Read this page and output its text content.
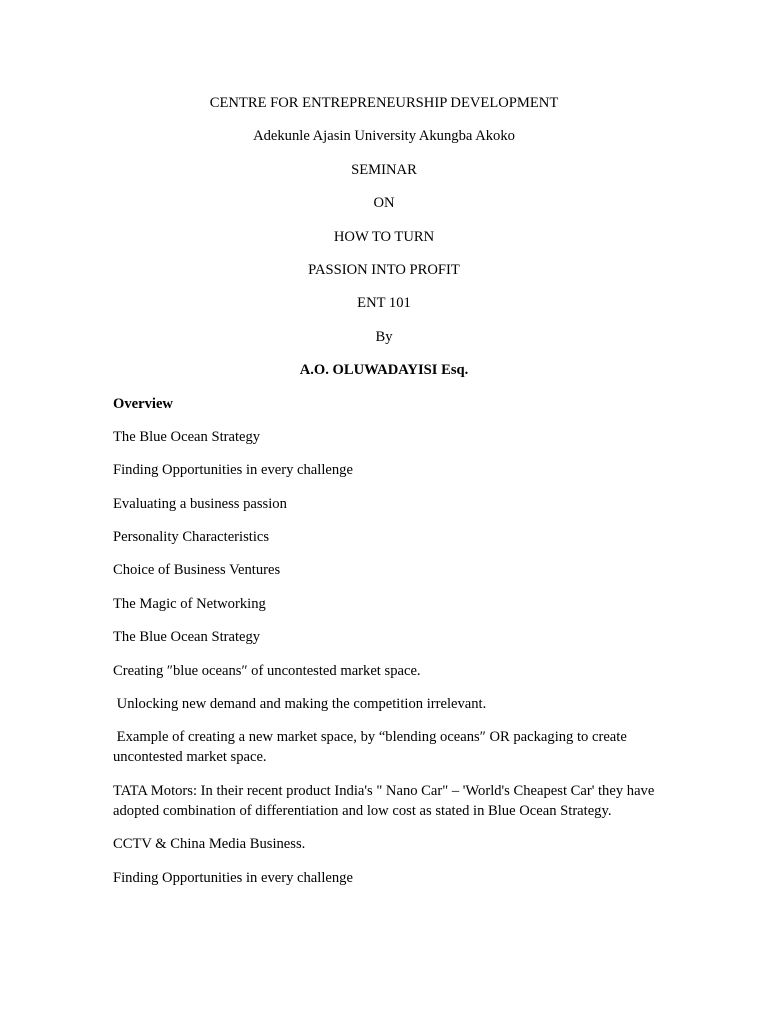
CENTRE FOR ENTREPRENEURSHIP DEVELOPMENT

Adekunle Ajasin University Akungba Akoko

SEMINAR

ON

HOW TO TURN

PASSION INTO PROFIT

ENT 101

By

A.O. OLUWADAYISI Esq.

Overview

The Blue Ocean Strategy

Finding Opportunities in every challenge

Evaluating a business passion

Personality Characteristics

Choice of Business Ventures

The Magic of Networking

The Blue Ocean Strategy

Creating ″blue oceans″ of uncontested market space.

Unlocking new demand and making the competition irrelevant.

Example of creating a new market space, by “blending oceans″ OR packaging to create uncontested market space.

TATA Motors: In their recent product India's " Nano Car" – 'World's Cheapest Car' they have adopted combination of differentiation and low cost as stated in Blue Ocean Strategy.

CCTV & China Media Business.

Finding Opportunities in every challenge
